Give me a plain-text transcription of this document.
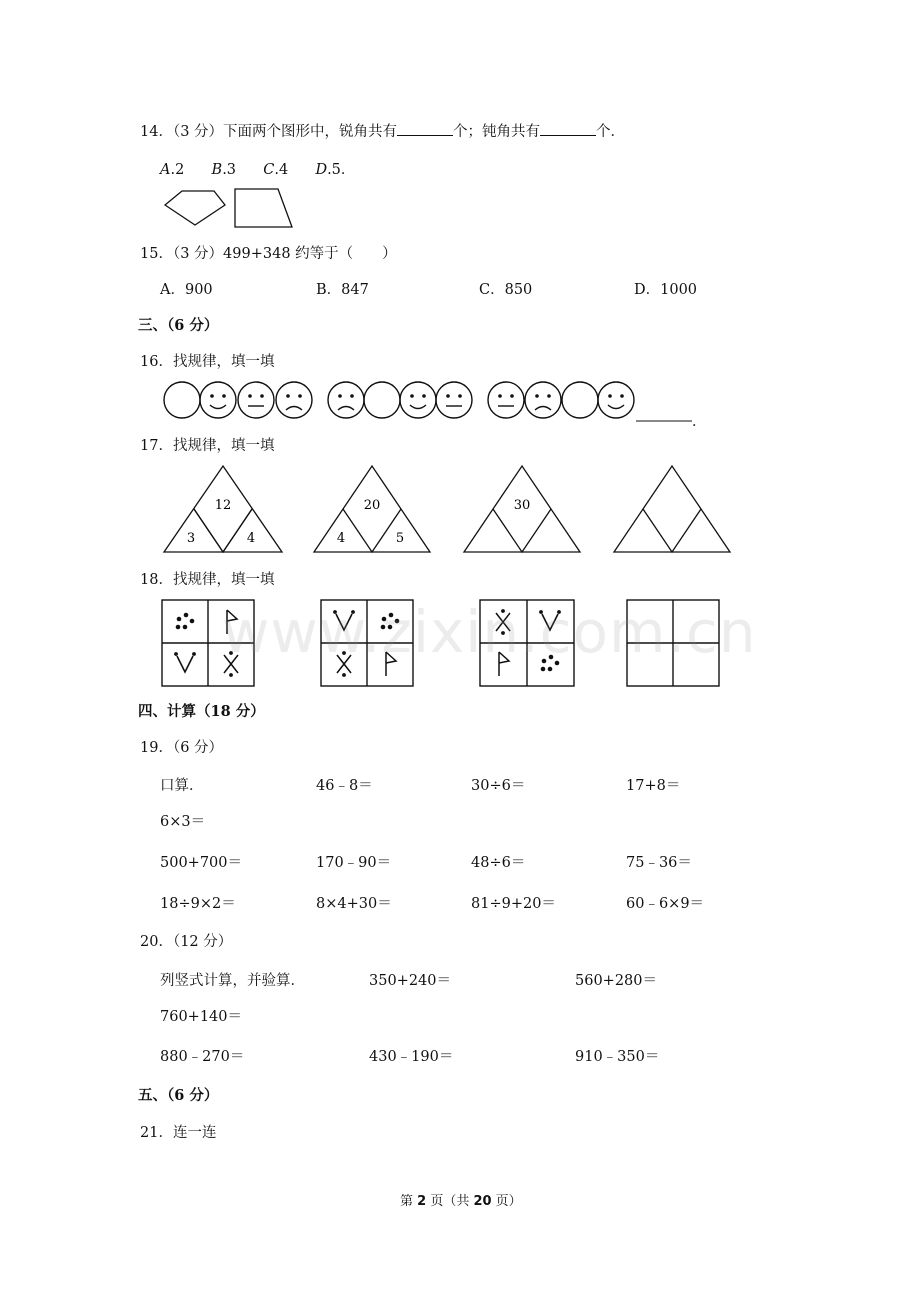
14．（3 分）下面两个图形中，锐角共有	个；钝角共有	个．
A.2 B.3 C.4 D.5．
15．（3 分）499+348 约等于（　　）
A．900	B．847	C．850	D．1000
三、（6 分）
16．找规律，填一填
．
17．找规律，填一填
12
3	4
20
4	5
30
18．找规律，填一填
www.zixin.com.cn
四、计算（18 分）
19．（6 分）
口算．	46﹣8＝	30÷6＝	17+8＝
6×3＝
500+700＝	170﹣90＝	48÷6＝	75﹣36＝
18÷9×2＝	8×4+30＝	81÷9+20＝	60﹣6×9＝
20．（12 分）
列竖式计算，并验算．	350+240＝	560+280＝
760+140＝
880﹣270＝	430﹣190＝	910﹣350＝
五、（6 分）
21．连一连
第 2 页（共 20 页）
